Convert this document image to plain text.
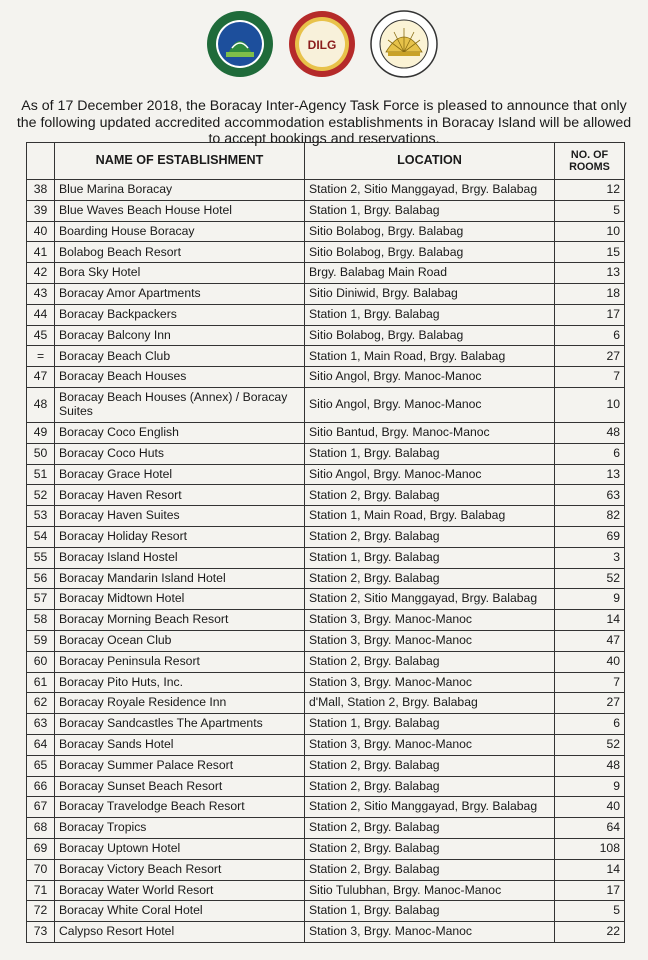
DILG

As of 17 December 2018, the Boracay Inter-Agency Task Force is pleased to announce that only the following updated accredited accommodation establishments in Boracay Island will be allowed to accept bookings and reservations.

	NAME OF ESTABLISHMENT	LOCATION	NO. OF ROOMS
38	Blue Marina Boracay	Station 2, Sitio Manggayad, Brgy. Balabag	12
39	Blue Waves Beach House Hotel	Station 1, Brgy. Balabag	5
40	Boarding House Boracay	Sitio Bolabog, Brgy. Balabag	10
41	Bolabog Beach Resort	Sitio Bolabog, Brgy. Balabag	15
42	Bora Sky Hotel	Brgy. Balabag Main Road	13
43	Boracay Amor Apartments	Sitio Diniwid, Brgy. Balabag	18
44	Boracay Backpackers	Station 1, Brgy. Balabag	17
45	Boracay Balcony Inn	Sitio Bolabog, Brgy. Balabag	6
=	Boracay Beach Club	Station 1, Main Road, Brgy. Balabag	27
47	Boracay Beach Houses	Sitio Angol, Brgy. Manoc-Manoc	7
48	Boracay Beach Houses (Annex) / Boracay Suites	Sitio Angol, Brgy. Manoc-Manoc	10
49	Boracay Coco English	Sitio Bantud, Brgy. Manoc-Manoc	48
50	Boracay Coco Huts	Station 1, Brgy. Balabag	6
51	Boracay Grace Hotel	Sitio Angol, Brgy. Manoc-Manoc	13
52	Boracay Haven Resort	Station 2, Brgy. Balabag	63
53	Boracay Haven Suites	Station 1, Main Road, Brgy. Balabag	82
54	Boracay Holiday Resort	Station 2, Brgy. Balabag	69
55	Boracay Island Hostel	Station 1, Brgy. Balabag	3
56	Boracay Mandarin Island Hotel	Station 2, Brgy. Balabag	52
57	Boracay Midtown Hotel	Station 2, Sitio Manggayad, Brgy. Balabag	9
58	Boracay Morning Beach Resort	Station 3, Brgy. Manoc-Manoc	14
59	Boracay Ocean Club	Station 3, Brgy. Manoc-Manoc	47
60	Boracay Peninsula Resort	Station 2, Brgy. Balabag	40
61	Boracay Pito Huts, Inc.	Station 3, Brgy. Manoc-Manoc	7
62	Boracay Royale Residence Inn	d'Mall, Station 2, Brgy. Balabag	27
63	Boracay Sandcastles The Apartments	Station 1, Brgy. Balabag	6
64	Boracay Sands Hotel	Station 3, Brgy. Manoc-Manoc	52
65	Boracay Summer Palace Resort	Station 2, Brgy. Balabag	48
66	Boracay Sunset Beach Resort	Station 2, Brgy. Balabag	9
67	Boracay Travelodge Beach Resort	Station 2, Sitio Manggayad, Brgy. Balabag	40
68	Boracay Tropics	Station 2, Brgy. Balabag	64
69	Boracay Uptown Hotel	Station 2, Brgy. Balabag	108
70	Boracay Victory Beach Resort	Station 2, Brgy. Balabag	14
71	Boracay Water World Resort	Sitio Tulubhan, Brgy. Manoc-Manoc	17
72	Boracay White Coral Hotel	Station 1, Brgy. Balabag	5
73	Calypso Resort Hotel	Station 3, Brgy. Manoc-Manoc	22
